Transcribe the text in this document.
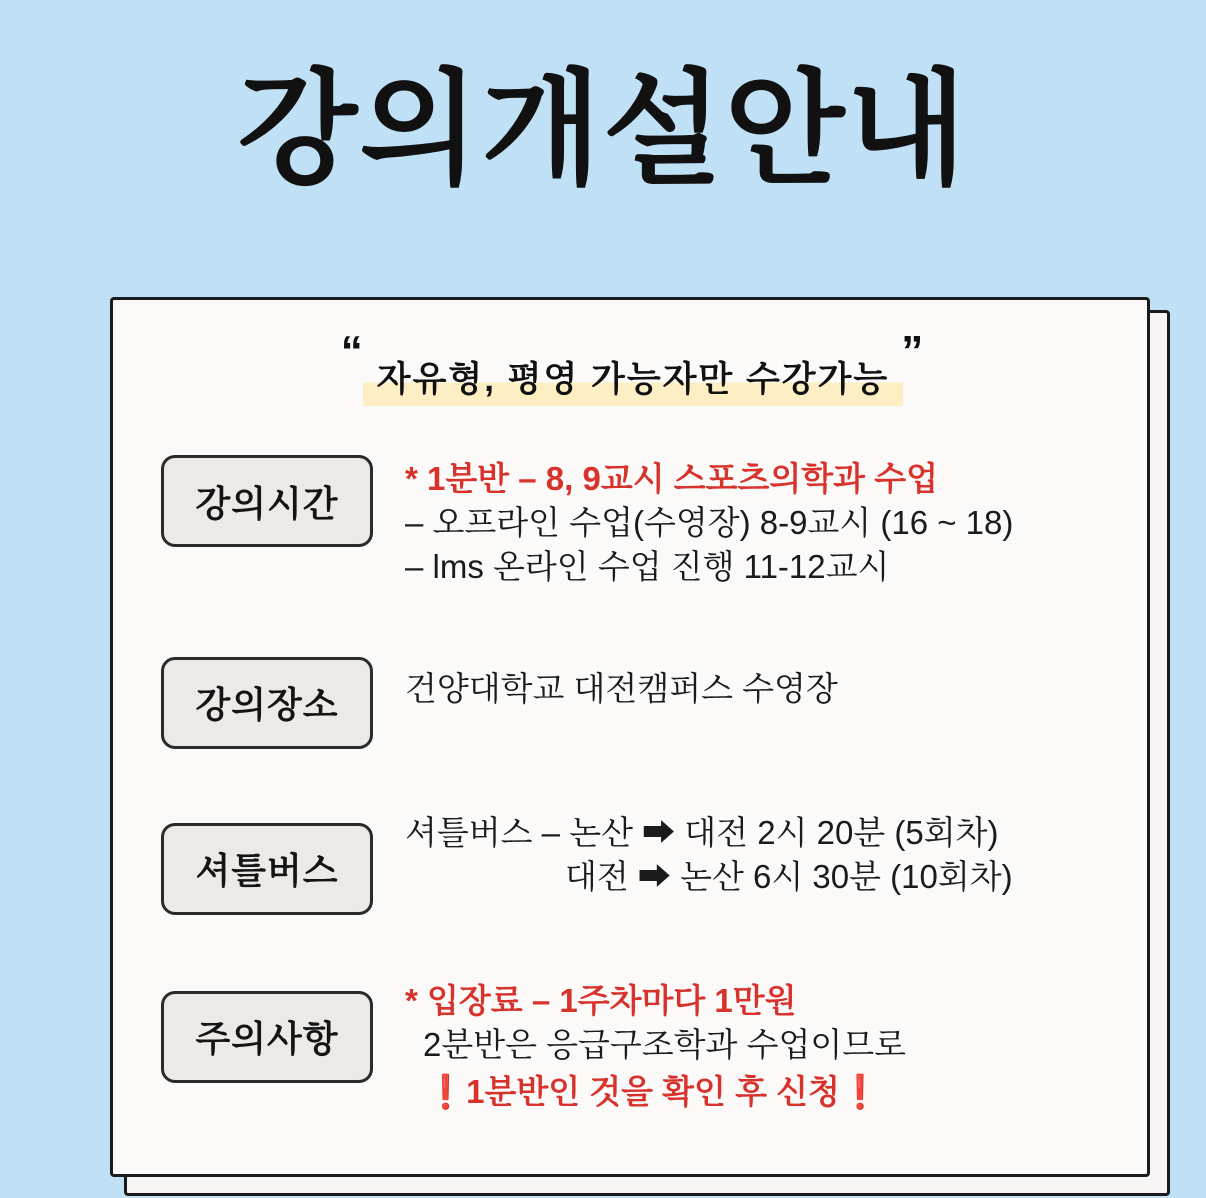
강의개설안내
“
자유형, 평영 가능자만 수강가능
”
강의시간
* 1분반 – 8, 9교시 스포츠의학과 수업
– 오프라인 수업(수영장) 8-9교시 (16 ~ 18)
– lms 온라인 수업 진행 11-12교시
강의장소	건양대학교 대전캠퍼스 수영장
셔틀버스
셔틀버스 – 논산 ➡ 대전 2시 20분 (5회차)
대전 ➡ 논산 6시 30분 (10회차)
주의사항
* 입장료 – 1주차마다 1만원
2분반은 응급구조학과 수업이므로
❗1분반인 것을 확인 후 신청❗
